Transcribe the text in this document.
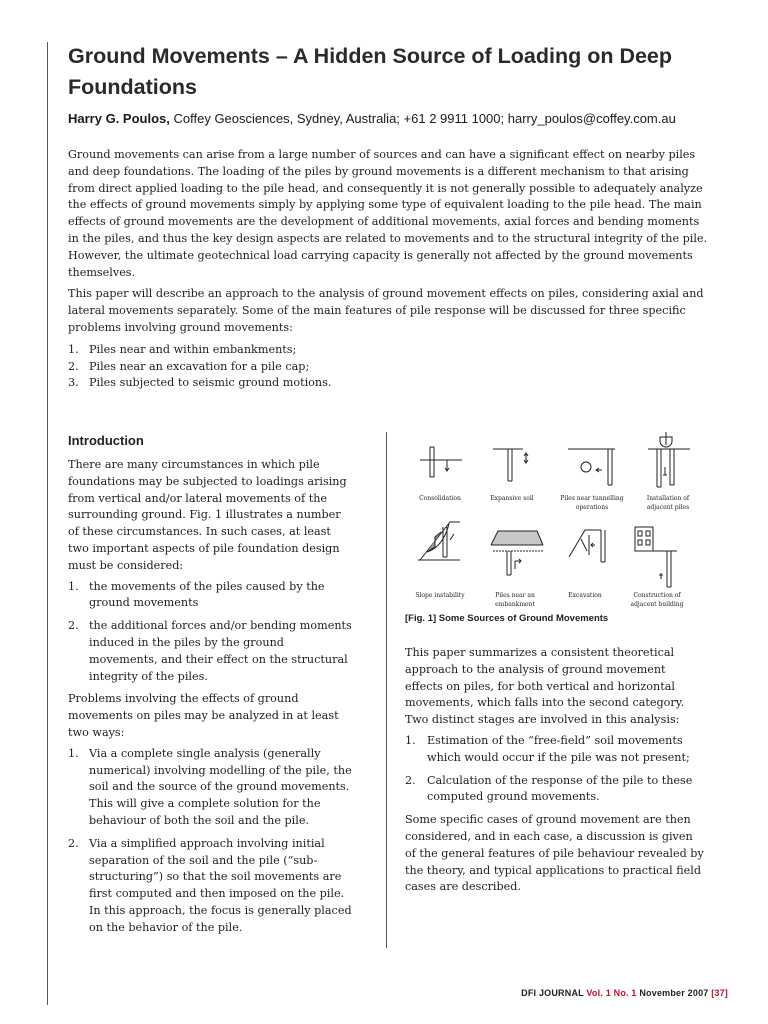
Ground Movements – A Hidden Source of Loading on Deep Foundations

Harry G. Poulos, Coffey Geosciences, Sydney, Australia; +61 2 9911 1000; harry_poulos@coffey.com.au

Ground movements can arise from a large number of sources and can have a significant effect on nearby piles and deep foundations. The loading of the piles by ground movements is a different mechanism to that arising from direct applied loading to the pile head, and consequently it is not generally possible to adequately analyze the effects of ground movements simply by applying some type of equivalent loading to the pile head. The main effects of ground movements are the development of additional movements, axial forces and bending moments in the piles, and thus the key design aspects are related to movements and to the structural integrity of the pile. However, the ultimate geotechnical load carrying capacity is generally not affected by the ground movements themselves.

This paper will describe an approach to the analysis of ground movement effects on piles, considering axial and lateral movements separately. Some of the main features of pile response will be discussed for three specific problems involving ground movements:

1. Piles near and within embankments;
2. Piles near an excavation for a pile cap;
3. Piles subjected to seismic ground motions.
Introduction

There are many circumstances in which pile foundations may be subjected to loadings arising from vertical and/or lateral movements of the surrounding ground. Fig. 1 illustrates a number of these circumstances. In such cases, at least two important aspects of pile foundation design must be considered:

1. the movements of the piles caused by the ground movements
2. the additional forces and/or bending moments induced in the piles by the ground movements, and their effect on the structural integrity of the piles.

Problems involving the effects of ground movements on piles may be analyzed in at least two ways:

1. Via a complete single analysis (generally numerical) involving modelling of the pile, the soil and the source of the ground movements. This will give a complete solution for the behaviour of both the soil and the pile.
2. Via a simplified approach involving initial separation of the soil and the pile (“sub-structuring”) so that the soil movements are first computed and then imposed on the pile. In this approach, the focus is generally placed on the behavior of the pile.
Consolidation	Expansive soil	Piles near tunnelling
operations
Installation of
adjacent piles
Slope instability	Piles near an
embankment
Excavation	Construction of
adjacent building
[Fig. 1] Some Sources of Ground Movements

This paper summarizes a consistent theoretical approach to the analysis of ground movement effects on piles, for both vertical and horizontal movements, which falls into the second category. Two distinct stages are involved in this analysis:

1. Estimation of the “free-field” soil movements which would occur if the pile was not present;
2. Calculation of the response of the pile to these computed ground movements.

Some specific cases of ground movement are then considered, and in each case, a discussion is given of the general features of pile behaviour revealed by the theory, and typical applications to practical field cases are described.

DFI JOURNAL Vol. 1 No. 1 November 2007 [37]
